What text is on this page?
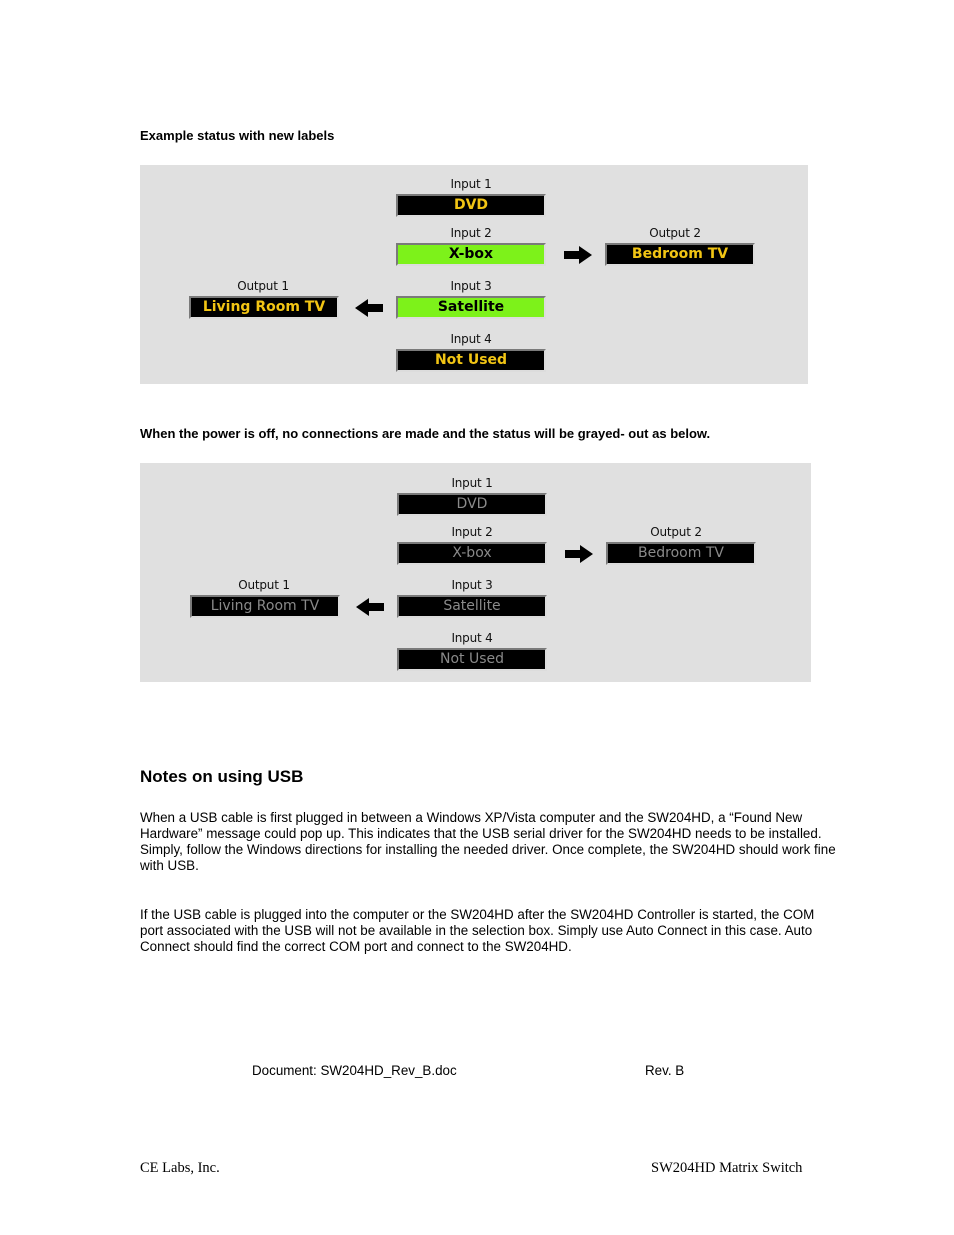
Example status with new labels
Input 1
DVD
Input 2
X-box
Output 2
Bedroom TV
Output 1
Living Room TV
Input 3
Satellite
Input 4
Not Used
When the power is off, no connections are made and the status will be grayed- out as below.
Input 1
DVD
Input 2
X-box
Output 2
Bedroom TV
Output 1
Living Room TV
Input 3
Satellite
Input 4
Not Used
Notes on using USB
When a USB cable is first plugged in between a Windows XP/Vista computer and the SW204HD, a “Found New Hardware” message could pop up. This indicates that the USB serial driver for the SW204HD needs to be installed. Simply, follow the Windows directions for installing the needed driver. Once complete, the SW204HD should work fine with USB.
If the USB cable is plugged into the computer or the SW204HD after the SW204HD Controller is started, the COM port associated with the USB will not be available in the selection box. Simply use Auto Connect in this case. Auto Connect should find the correct COM port and connect to the SW204HD.
Document: SW204HD_Rev_B.doc	Rev. B
CE Labs, Inc.	SW204HD Matrix Switch
